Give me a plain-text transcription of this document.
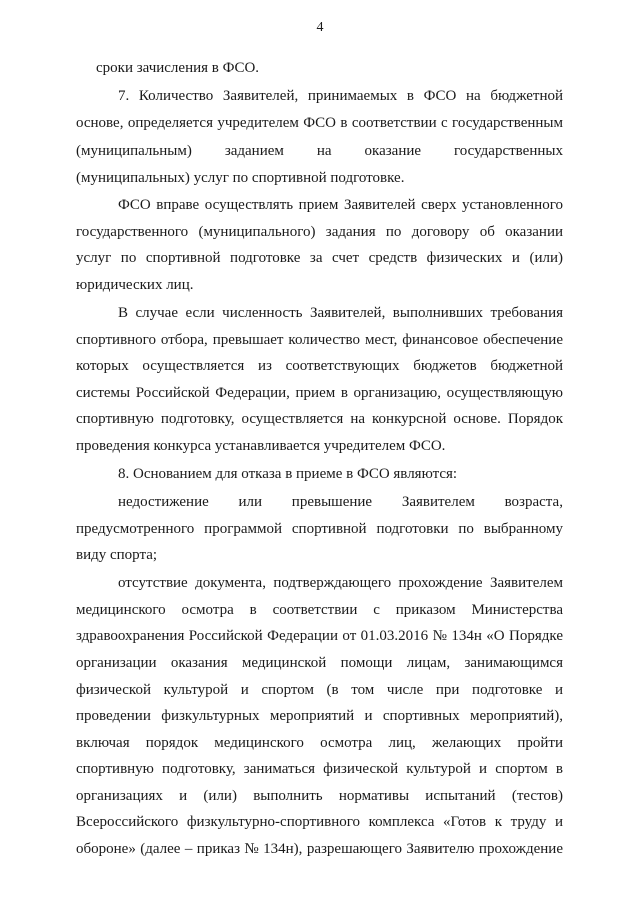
4
сроки зачисления в ФСО.
7. Количество Заявителей, принимаемых в ФСО на бюджетной
основе, определяется учредителем ФСО в соответствии с государственным
(муниципальным) заданием на оказание государственных
(муниципальных) услуг по спортивной подготовке.
ФСО вправе осуществлять прием Заявителей сверх установленного
государственного (муниципального) задания по договору об оказании
услуг по спортивной подготовке за счет средств физических и (или)
юридических лиц.
В случае если численность Заявителей, выполнивших требования
спортивного отбора, превышает количество мест, финансовое обеспечение
которых осуществляется из соответствующих бюджетов бюджетной
системы Российской Федерации, прием в организацию, осуществляющую
спортивную подготовку, осуществляется на конкурсной основе. Порядок
проведения конкурса устанавливается учредителем ФСО.
8. Основанием для отказа в приеме в ФСО являются:
недостижение или превышение Заявителем возраста,
предусмотренного программой спортивной подготовки по выбранному
виду спорта;
отсутствие документа, подтверждающего прохождение Заявителем
медицинского осмотра в соответствии с приказом Министерства
здравоохранения Российской Федерации от 01.03.2016 № 134н «О Порядке
организации оказания медицинской помощи лицам, занимающимся
физической культурой и спортом (в том числе при подготовке и
проведении физкультурных мероприятий и спортивных мероприятий),
включая порядок медицинского осмотра лиц, желающих пройти
спортивную подготовку, заниматься физической культурой и спортом в
организациях и (или) выполнить нормативы испытаний (тестов)
Всероссийского физкультурно-спортивного комплекса «Готов к труду и
обороне» (далее – приказ № 134н), разрешающего Заявителю прохождение
